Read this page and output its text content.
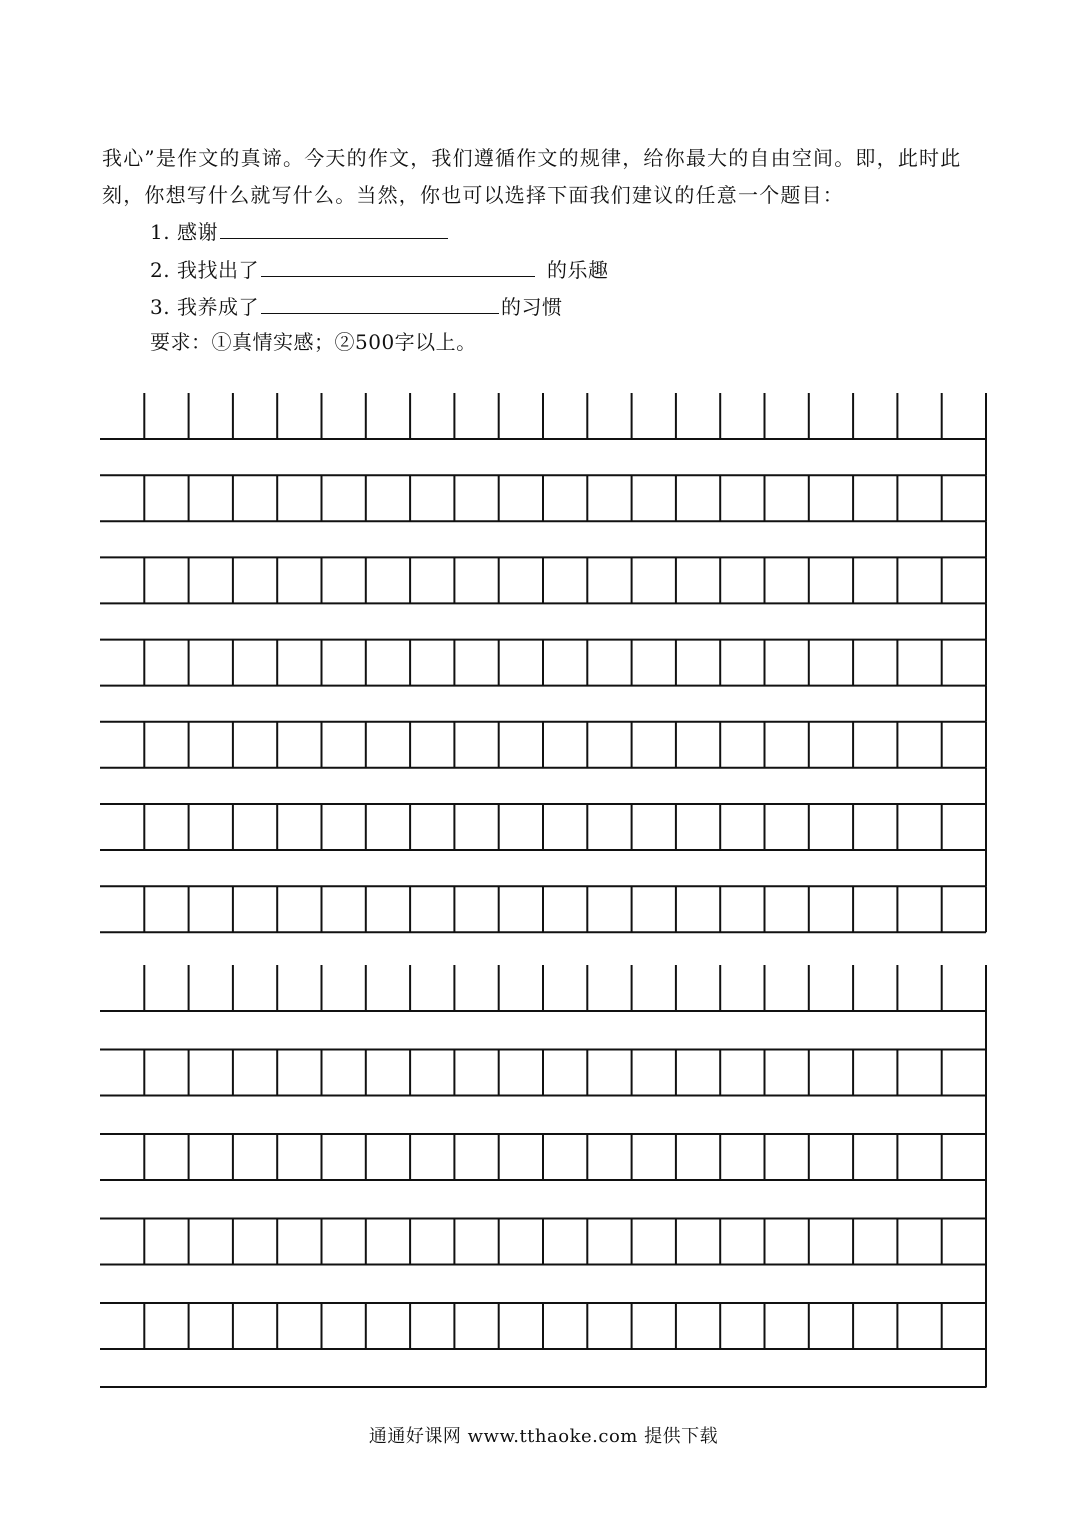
我心”是作文的真谛。今天的作文，我们遵循作文的规律，给你最大的自由空间。即，此时此
刻，你想写什么就写什么。当然，你也可以选择下面我们建议的任意一个题目：
1. 感谢
2. 我找出了	的乐趣
3. 我养成了	的习惯
要求：①真情实感；②500字以上。
通通好课网 www.tthaoke.com 提供下载
